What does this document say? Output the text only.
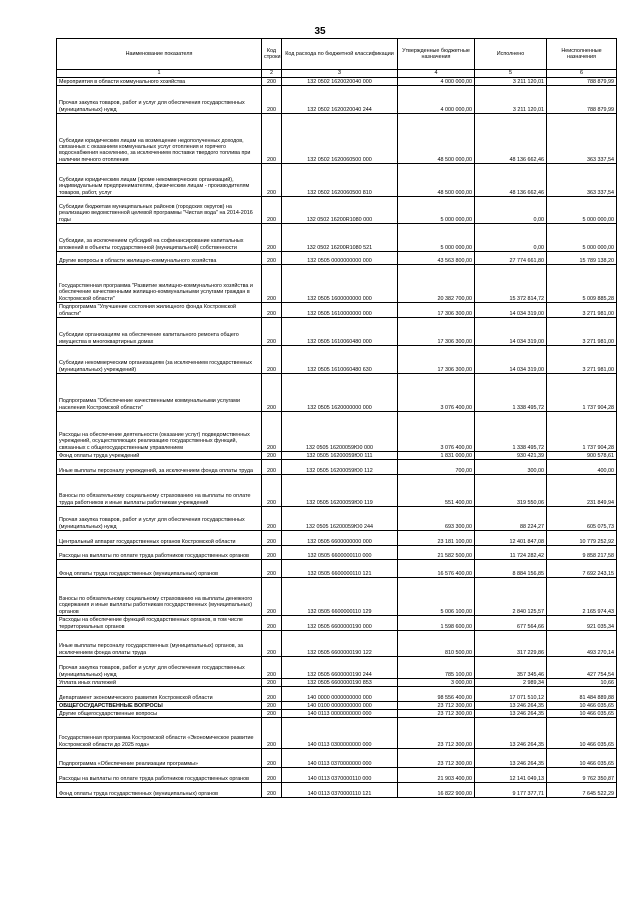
35
Наименование показателя	Код строки	Код расхода по бюджетной классификации	Утвержденные бюджетные назначения	Исполнено	Неисполненные назначения
1	2	3	4	5	6
Мероприятия в области коммунального хозяйства	200	132 0502 1620020040 000	4 000 000,00	3 211 120,01	788 879,99
Прочая закупка товаров, работ и услуг для обеспечения государственных (муниципальных) нужд	200	132 0502 1620020040 244	4 000 000,00	3 211 120,01	788 879,99
Субсидии юридическим лицам на возмещение недополученных доходов, связанных с оказанием коммунальных услуг отопления и горячего водоснабжения населению, за исключением поставки твердого топлива при наличии печного отопления	200	132 0502 1620060500 000	48 500 000,00	48 136 662,46	363 337,54
Субсидии юридическим лицам (кроме некоммерческих организаций), индивидуальным предпринимателям, физическим лицам - производителям товаров, работ, услуг	200	132 0502 1620060500 810	48 500 000,00	48 136 662,46	363 337,54
Субсидии бюджетам муниципальных районов (городских округов) на реализацию ведомственной целевой программы "Чистая вода" на 2014-2016 годы	200	132 0502 16200R1080 000	5 000 000,00	0,00	5 000 000,00
Субсидии, за исключением субсидий на софинансирование капитальных вложений в объекты государственной (муниципальной) собственности	200	132 0502 16200R1080 521	5 000 000,00	0,00	5 000 000,00
Другие вопросы в области жилищно-коммунального хозяйства	200	132 0505 0000000000 000	43 563 800,00	27 774 661,80	15 789 138,20
Государственная программа "Развитие жилищно-коммунального хозяйства и обеспечение качественными жилищно-коммунальными услугами граждан в Костромской области"	200	132 0505 1600000000 000	20 382 700,00	15 372 814,72	5 009 885,28
Подпрограмма "Улучшение состояния жилищного фонда Костромской области"	200	132 0505 1610000000 000	17 306 300,00	14 034 319,00	3 271 981,00
Субсидии организациям на обеспечение капитального ремонта общего имущества в многоквартирных домах	200	132 0505 1610060480 000	17 306 300,00	14 034 319,00	3 271 981,00
Субсидии некоммерческим организациям (за исключением государственных (муниципальных) учреждений)	200	132 0505 1610060480 630	17 306 300,00	14 034 319,00	3 271 981,00
Подпрограмма "Обеспечение качественными коммунальными услугами населения Костромской области"	200	132 0505 1620000000 000	3 076 400,00	1 338 495,72	1 737 904,28
Расходы на обеспечение деятельности (оказание услуг) подведомственных учреждений, осуществляющих реализацию государственных функций, связанных с общегосударственным управлением	200	132 0505 16200059Ю0 000	3 076 400,00	1 338 495,72	1 737 904,28
Фонд оплаты труда учреждений	200	132 0505 16200059Ю0 111	1 831 000,00	930 421,39	900 578,61
Иные выплаты персоналу учреждений, за исключением фонда оплаты труда	200	132 0505 16200059Ю0 112	700,00	300,00	400,00
Взносы по обязательному социальному страхованию на выплаты по оплате труда работников и иные выплаты работникам учреждений	200	132 0505 16200059Ю0 119	551 400,00	319 550,06	231 849,94
Прочая закупка товаров, работ и услуг для обеспечения государственных (муниципальных) нужд	200	132 0505 16200059Ю0 244	693 300,00	88 224,27	605 075,73
Центральный аппарат государственных органов Костромской области	200	132 0505 6600000000 000	23 181 100,00	12 401 847,08	10 779 252,92
Расходы на выплаты по оплате труда работников государственных органов	200	132 0505 6600000110 000	21 582 500,00	11 724 282,42	9 858 217,58
Фонд оплаты труда государственных (муниципальных) органов	200	132 0505 6600000110 121	16 576 400,00	8 884 156,85	7 692 243,15
Взносы по обязательному социальному страхованию на выплаты денежного содержания и иные выплаты работникам государственных (муниципальных) органов	200	132 0505 6600000110 129	5 006 100,00	2 840 125,57	2 165 974,43
Расходы на обеспечение функций государственных органов, в том числе территориальных органов	200	132 0505 6600000190 000	1 598 600,00	677 564,66	921 035,34
Иные выплаты персоналу государственных (муниципальных) органов, за исключением фонда оплаты труда	200	132 0505 6600000190 122	810 500,00	317 229,86	493 270,14
Прочая закупка товаров, работ и услуг для обеспечения государственных (муниципальных) нужд	200	132 0505 6600000190 244	785 100,00	357 345,46	427 754,54
Уплата иных платежей	200	132 0505 6600000190 853	3 000,00	2 989,34	10,66
Департамент экономического развития Костромской области	200	140 0000 0000000000 000	98 556 400,00	17 071 510,12	81 484 889,88
ОБЩЕГОСУДАРСТВЕННЫЕ ВОПРОСЫ	200	140 0100 0000000000 000	23 712 300,00	13 246 264,35	10 466 035,65
Другие общегосударственные вопросы	200	140 0113 0000000000 000	23 712 300,00	13 246 264,35	10 466 035,65
Государственная программа Костромской области «Экономическое развитие Костромской области до 2025 года»	200	140 0113 0300000000 000	23 712 300,00	13 246 264,35	10 466 035,65
Подпрограмма «Обеспечение реализации программы»	200	140 0113 0370000000 000	23 712 300,00	13 246 264,35	10 466 035,65
Расходы на выплаты по оплате труда работников государственных органов	200	140 0113 0370000110 000	21 903 400,00	12 141 049,13	9 762 350,87
Фонд оплаты труда государственных (муниципальных) органов	200	140 0113 0370000110 121	16 822 900,00	9 177 377,71	7 645 522,29
